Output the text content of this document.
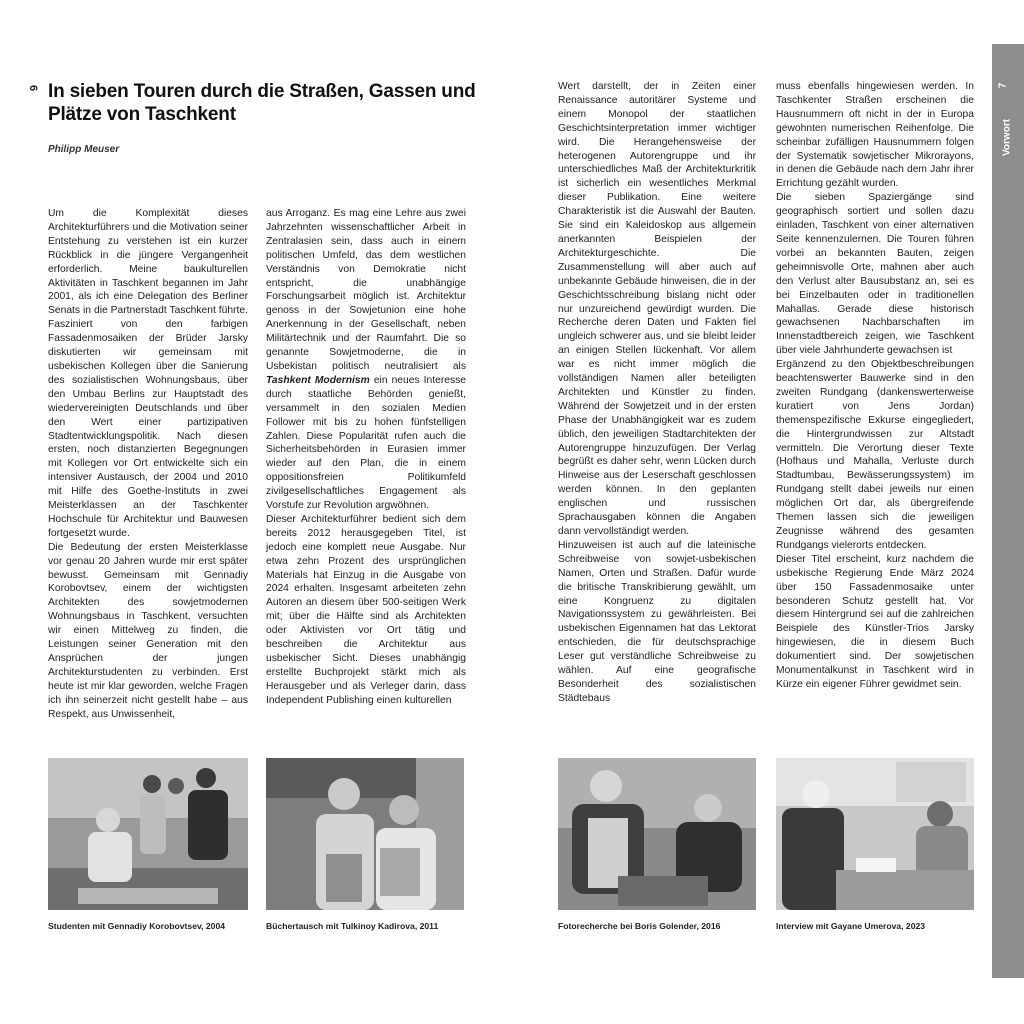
6 In sieben Touren durch die Straßen, Gassen und Plätze von Taschkent
Philipp Meuser

Um die Komplexität dieses Architekturführers und die Motivation seiner Entstehung zu verstehen ist ein kurzer Rückblick in die jüngere Vergangenheit erforderlich. Meine baukulturellen Aktivitäten in Taschkent begannen im Jahr 2001, als ich eine Delegation des Berliner Senats in die Partnerstadt Taschkent führte. Fasziniert von den farbigen Fassadenmosaiken der Brüder Jarsky diskutierten wir gemeinsam mit usbekischen Kollegen über die Sanierung des sozialistischen Wohnungsbaus, über den Umbau Berlins zur Hauptstadt des wiedervereinigten Deutschlands und über den Wert einer partizipativen Stadtentwicklungspolitik. Nach diesen ersten, noch distanzierten Begegnungen mit Kollegen vor Ort entwickelte sich ein intensiver Austausch, der 2004 und 2010 mit Hilfe des Goethe-Instituts in zwei Meisterklassen an der Taschkenter Hochschule für Architektur und Bauwesen fortgesetzt wurde.

Die Bedeutung der ersten Meisterklasse vor genau 20 Jahren wurde mir erst später bewusst. Gemeinsam mit Gennadiy Korobovtsev, einem der wichtigsten Architekten des sowjetmodernen Wohnungsbaus in Taschkent, versuchten wir einen Mittelweg zu finden, die Leistungen seiner Generation mit den Ansprüchen der jungen Architekturstudenten zu verbinden. Erst heute ist mir klar geworden, welche Fragen ich ihn seinerzeit nicht gestellt habe – aus Respekt, aus Unwissenheit,

aus Arroganz. Es mag eine Lehre aus zwei Jahrzehnten wissenschaftlicher Arbeit in Zentralasien sein, dass auch in einem politischen Umfeld, das dem westlichen Verständnis von Demokratie nicht entspricht, die unabhängige Forschungsarbeit möglich ist. Architektur genoss in der Sowjetunion eine hohe Anerkennung in der Gesellschaft, neben Militärtechnik und der Raumfahrt. Die so genannte Sowjetmoderne, die in Usbekistan politisch neutralisiert als Tashkent Modernism ein neues Interesse durch staatliche Behörden genießt, versammelt in den sozialen Medien Follower mit bis zu hohen fünfstelligen Zahlen. Diese Popularität rufen auch die Sicherheitsbehörden in Eurasien immer wieder auf den Plan, die in einem oppositionsfreien Politikumfeld zivilgesellschaftliches Engagement als Vorstufe zur Revolution argwöhnen.

Dieser Architekturführer bedient sich dem bereits 2012 herausgegeben Titel, ist jedoch eine komplett neue Ausgabe. Nur etwa zehn Prozent des ursprünglichen Materials hat Einzug in die Ausgabe von 2024 erhalten. Insgesamt arbeiteten zehn Autoren an diesem über 500-seitigen Werk mit; über die Hälfte sind als Architekten oder Aktivisten vor Ort tätig und beschreiben die Architektur aus usbekischer Sicht. Dieses unabhängig erstellte Buchprojekt stärkt mich als Herausgeber und als Verleger darin, dass Independent Publishing einen kulturellen

Studenten mit Gennadiy Korobovtsev, 2004	Büchertausch mit Tulkinoy Kadirova, 2011

Wert darstellt, der in Zeiten einer Renaissance autoritärer Systeme und einem Monopol der staatlichen Geschichtsinterpretation immer wichtiger wird. Die Herangehensweise der heterogenen Autorengruppe und ihr unterschiedliches Maß der Architekturkritik ist sicherlich ein wesentliches Merkmal dieser Publikation. Eine weitere Charakteristik ist die Auswahl der Bauten. Sie sind ein Kaleidoskop aus allgemein anerkannten Beispielen der Architekturgeschichte. Die Zusammenstellung will aber auch auf unbekannte Gebäude hinweisen, die in der Geschichtsschreibung bislang nicht oder nur unzureichend gewürdigt wurden. Die Recherche deren Daten und Fakten fiel ungleich schwerer aus, und sie bleibt leider an einigen Stellen lückenhaft. Vor allem war es nicht immer möglich die vollständigen Namen aller beteiligten Architekten und Künstler zu finden. Während der Sowjetzeit und in der ersten Phase der Unabhängigkeit war es zudem üblich, den jeweiligen Stadtarchitekten der Autorengruppe hinzuzufügen. Der Verlag begrüßt es daher sehr, wenn Lücken durch Hinweise aus der Leserschaft geschlossen werden können. In den geplanten englischen und russischen Sprachausgaben können die Angaben dann vervollständigt werden.

Hinzuweisen ist auch auf die lateinische Schreibweise von sowjet-usbekischen Namen, Orten und Straßen. Dafür wurde die britische Transkribierung gewählt, um eine Kongruenz zu digitalen Navigationssystem zu gewährleisten. Bei usbekischen Eigennamen hat das Lektorat entschieden, die für deutschsprachige Leser gut verständliche Schreibweise zu wählen. Auf eine geografische Besonderheit des sozialistischen Städtebaus

muss ebenfalls hingewiesen werden. In Taschkenter Straßen erscheinen die Hausnummern oft nicht in der in Europa gewohnten numerischen Reihenfolge. Die scheinbar zufälligen Hausnummern folgen der Systematik sowjetischer Mikrorayons, in denen die Gebäude nach dem Jahr ihrer Errichtung gezählt wurden.

Die sieben Spaziergänge sind geographisch sortiert und sollen dazu einladen, Taschkent von einer alternativen Seite kennenzulernen. Die Touren führen vorbei an bekannten Bauten, zeigen geheimnisvolle Orte, mahnen aber auch den Verlust alter Bausubstanz an, sei es bei Einzelbauten oder in traditionellen Mahallas. Gerade diese historisch gewachsenen Nachbarschaften im Innenstadtbereich zeigen, wie Taschkent über viele Jahrhunderte gewachsen ist

Ergänzend zu den Objektbeschreibungen beachtenswerter Bauwerke sind in den zweiten Rundgang (dankenswerterweise kuratiert von Jens Jordan) themenspezifische Exkurse eingegliedert, die Hintergrundwissen zur Altstadt vermitteln. Die Verortung dieser Texte (Hofhaus und Mahalla, Verluste durch Stadtumbau, Bewässerungssystem) im Rundgang stellt dabei jeweils nur einen möglichen Ort dar, als übergreifende Themen lassen sich die jeweiligen Zeugnisse während des gesamten Rundgangs vielerorts entdecken.

Dieser Titel erscheint, kurz nachdem die usbekische Regierung Ende März 2024 über 150 Fassadenmosaike unter besonderen Schutz gestellt hat. Vor diesem Hintergrund sei auf die zahlreichen Beispiele des Künstler-Trios Jarsky hingewiesen, die in diesem Buch dokumentiert sind. Der sowjetischen Monumentalkunst in Taschkent wird in Kürze ein eigener Führer gewidmet sein.

Fotorecherche bei Boris Golender, 2016	Interview mit Gayane Umerova, 2023
7
Vorwort
